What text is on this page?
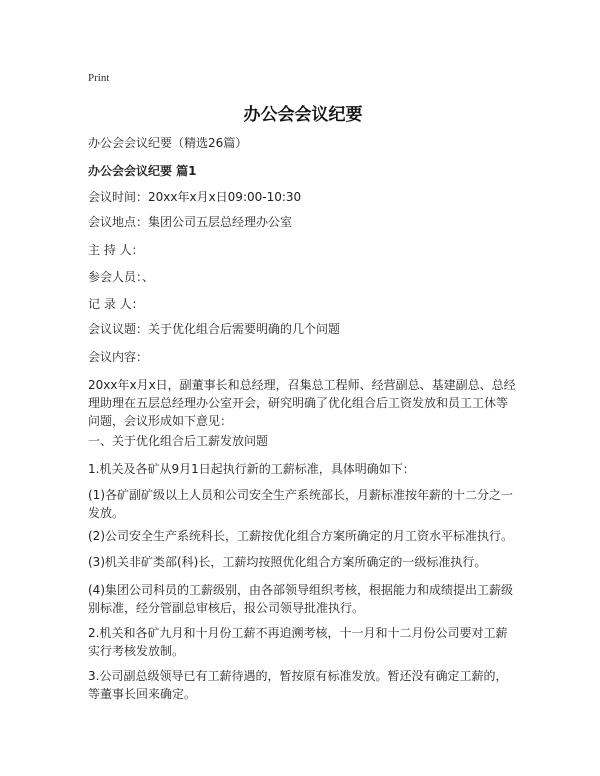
Print
办公会会议纪要
办公会会议纪要（精选26篇）
办公会会议纪要 篇1

会议时间：20xx年x月x日09:00-10:30

会议地点：集团公司五层总经理办公室

主 持 人：

参会人员：、

记 录 人：

会议议题：关于优化组合后需要明确的几个问题

会议内容：

20xx年x月x日，副董事长和总经理，召集总工程师、经营副总、基建副总、总经理助理在五层总经理办公室开会，研究明确了优化组合后工资发放和员工工休等问题，会议形成如下意见：

一、关于优化组合后工薪发放问题

1.机关及各矿从9月1日起执行新的工薪标准，具体明确如下：

(1)各矿副矿级以上人员和公司安全生产系统部长，月薪标准按年薪的十二分之一发放。

(2)公司安全生产系统科长，工薪按优化组合方案所确定的月工资水平标准执行。

(3)机关非矿类部(科)长，工薪均按照优化组合方案所确定的一级标准执行。

(4)集团公司科员的工薪级别，由各部领导组织考核，根据能力和成绩提出工薪级别标准，经分管副总审核后，报公司领导批准执行。

2.机关和各矿九月和十月份工薪不再追溯考核，十一月和十二月份公司要对工薪实行考核发放制。

3.公司副总级领导已有工薪待遇的，暂按原有标准发放。暂还没有确定工薪的，等董事长回来确定。
